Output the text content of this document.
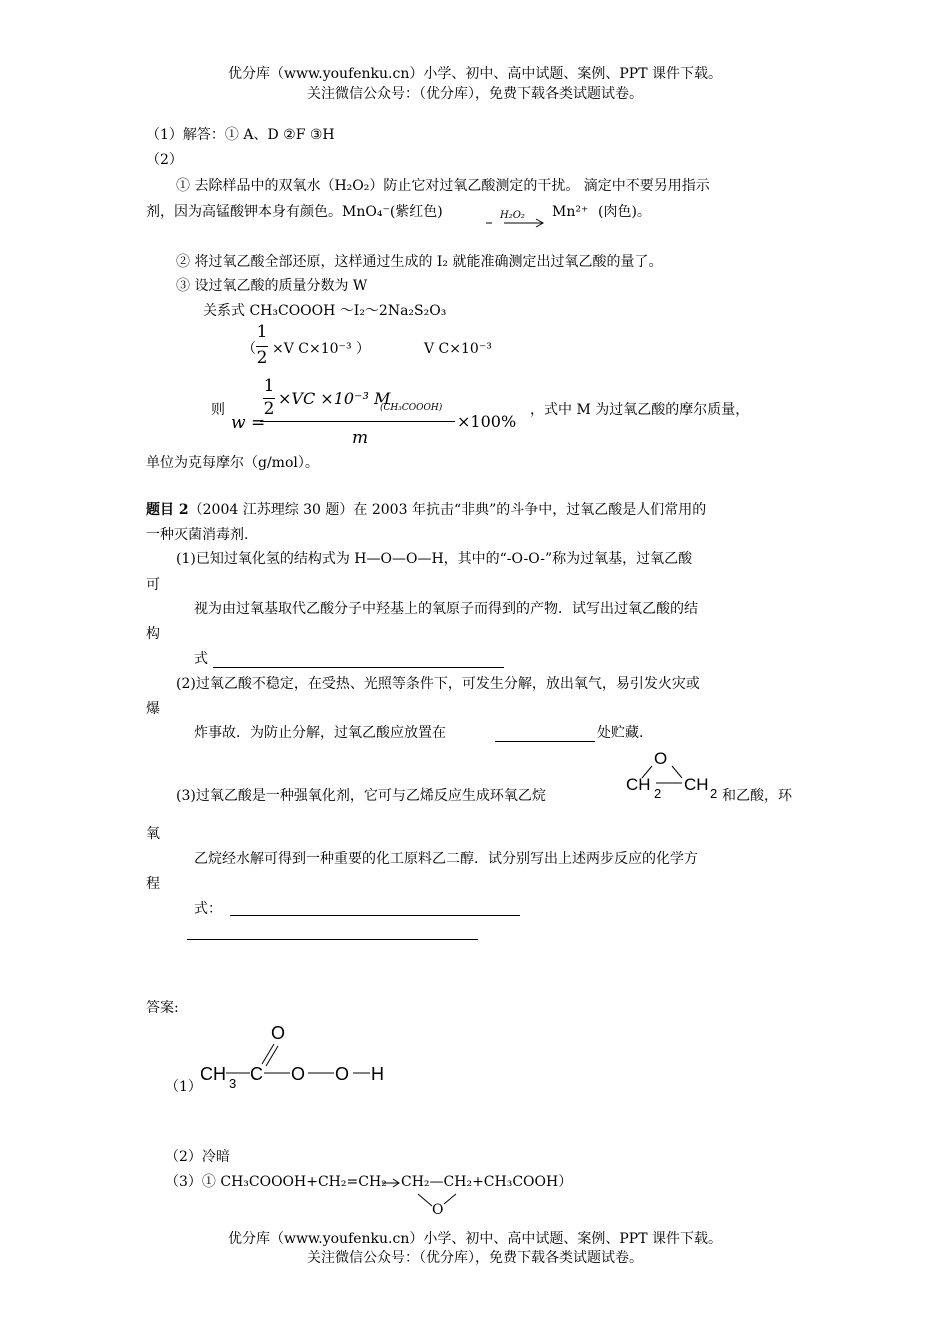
优分库（www.youfenku.cn）小学、初中、高中试题、案例、PPT 课件下载。
关注微信公众号：（优分库），免费下载各类试题试卷。
（1）解答：① A、D ②F ③H
（2）
① 去除样品中的双氧水（H₂O₂）防止它对过氧乙酸测定的干扰。 滴定中不要另用指示
剂，因为高锰酸钾本身有颜色。MnO₄⁻(紫红色)	H₂O₂ Mn²⁺ (肉色)。
② 将过氧乙酸全部还原，这样通过生成的 I₂ 就能准确测定出过氧乙酸的量了。
③ 设过氧乙酸的质量分数为 W
关系式 CH₃COOOH ～I₂～2Na₂S₂O₃
（
1
2 ×V C×10⁻³ ）	V C×10⁻³
则
w =
1
2
×VC ×10⁻³ M
(CH₃COOOH)
m
×100%
，式中 M 为过氧乙酸的摩尔质量，
单位为克每摩尔（g/mol）。
题目 2（2004 江苏理综 30 题）在 2003 年抗击“非典”的斗争中，过氧乙酸是人们常用的
一种灭菌消毒剂.
(1)已知过氧化氢的结构式为 H—O—O—H，其中的“-O-O-”称为过氧基，过氧乙酸
可
视为由过氧基取代乙酸分子中羟基上的氧原子而得到的产物．试写出过氧乙酸的结
构
式
(2)过氧乙酸不稳定，在受热、光照等条件下，可发生分解，放出氧气，易引发火灾或
爆
炸事故．为防止分解，过氧乙酸应放置在	处贮藏.
(3)过氧乙酸是一种强氧化剂，它可与乙烯反应生成环氧乙烷
O
CH 2 CH 2 和乙酸，环
氧
乙烷经水解可得到一种重要的化工原料乙二醇．试分别写出上述两步反应的化学方
程
式：
答案:
（1）
O
CH 3 C O O H
（2）冷暗
（3）① CH₃COOOH+CH₂=CH₂ CH₂—CH₂+CH₃COOH）
O
优分库（www.youfenku.cn）小学、初中、高中试题、案例、PPT 课件下载。
关注微信公众号：（优分库），免费下载各类试题试卷。
